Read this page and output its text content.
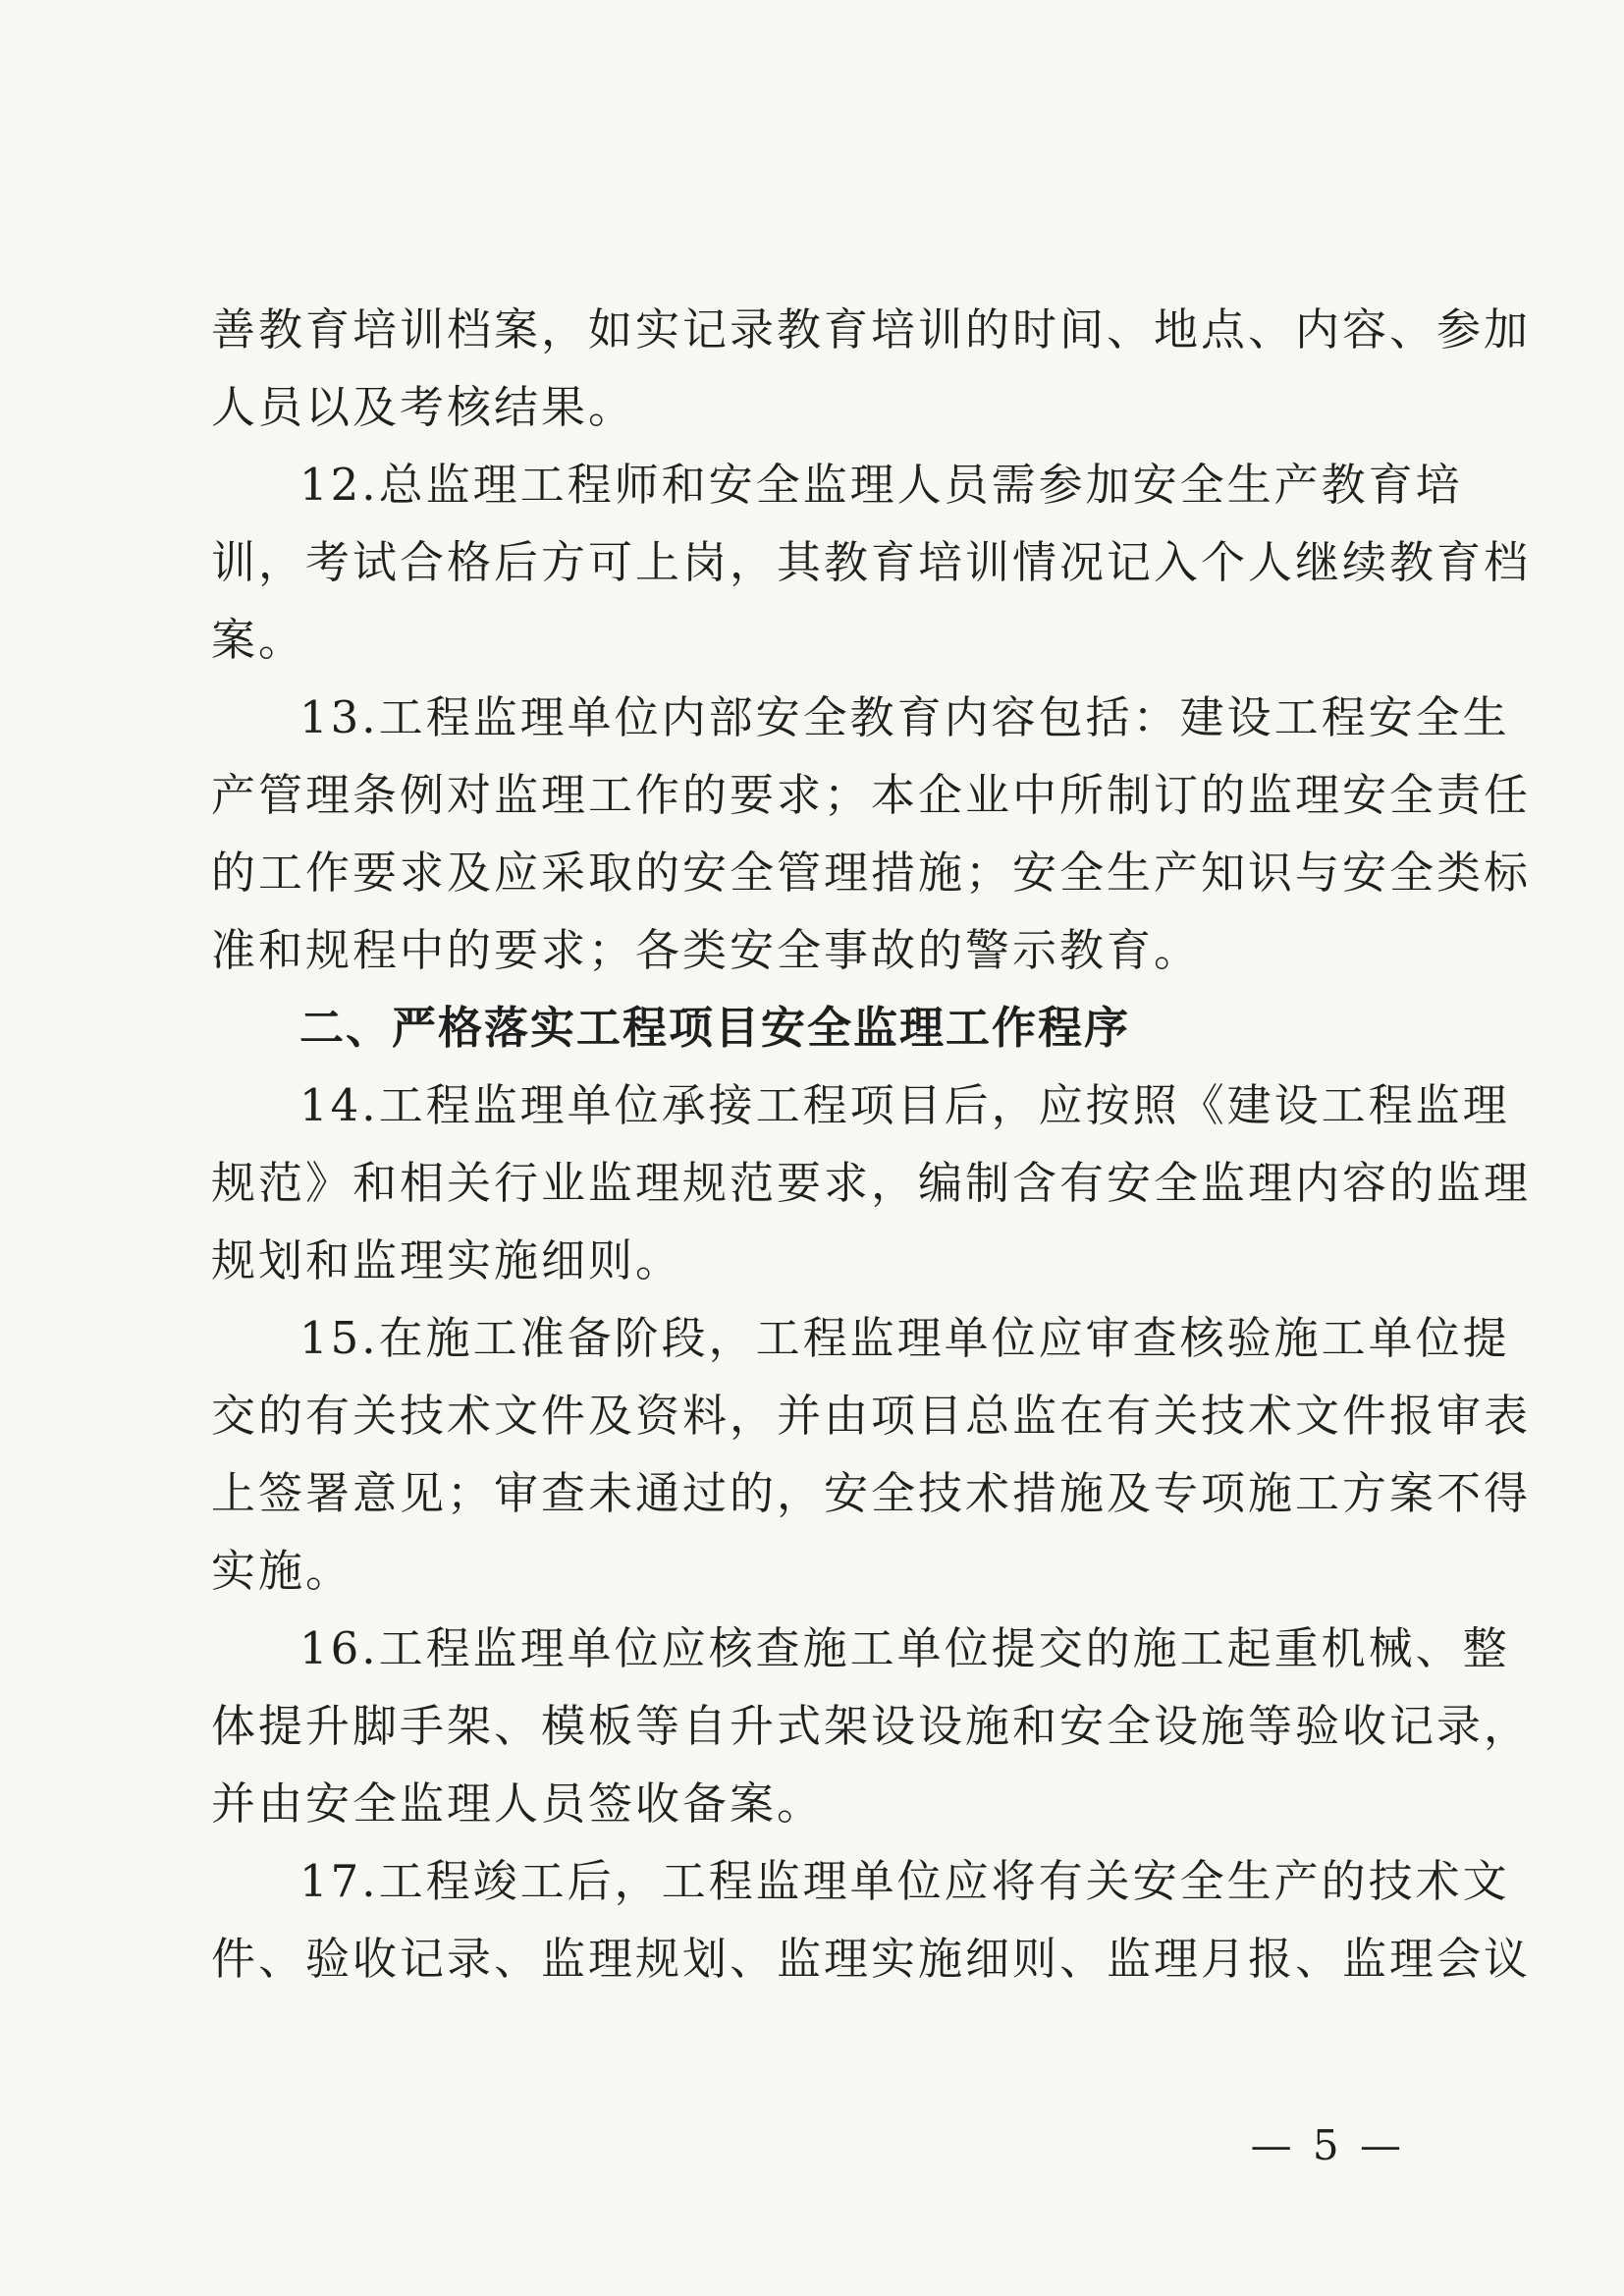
善教育培训档案，如实记录教育培训的时间、地点、内容、参加
人员以及考核结果。
12.总监理工程师和安全监理人员需参加安全生产教育培
训，考试合格后方可上岗，其教育培训情况记入个人继续教育档
案。
13.工程监理单位内部安全教育内容包括：建设工程安全生
产管理条例对监理工作的要求；本企业中所制订的监理安全责任
的工作要求及应采取的安全管理措施；安全生产知识与安全类标
准和规程中的要求；各类安全事故的警示教育。
二、严格落实工程项目安全监理工作程序
14.工程监理单位承接工程项目后，应按照《建设工程监理
规范》和相关行业监理规范要求，编制含有安全监理内容的监理
规划和监理实施细则。
15.在施工准备阶段，工程监理单位应审查核验施工单位提
交的有关技术文件及资料，并由项目总监在有关技术文件报审表
上签署意见；审查未通过的，安全技术措施及专项施工方案不得
实施。
16.工程监理单位应核查施工单位提交的施工起重机械、整
体提升脚手架、模板等自升式架设设施和安全设施等验收记录，
并由安全监理人员签收备案。
17.工程竣工后，工程监理单位应将有关安全生产的技术文
件、验收记录、监理规划、监理实施细则、监理月报、监理会议
— 5 —
